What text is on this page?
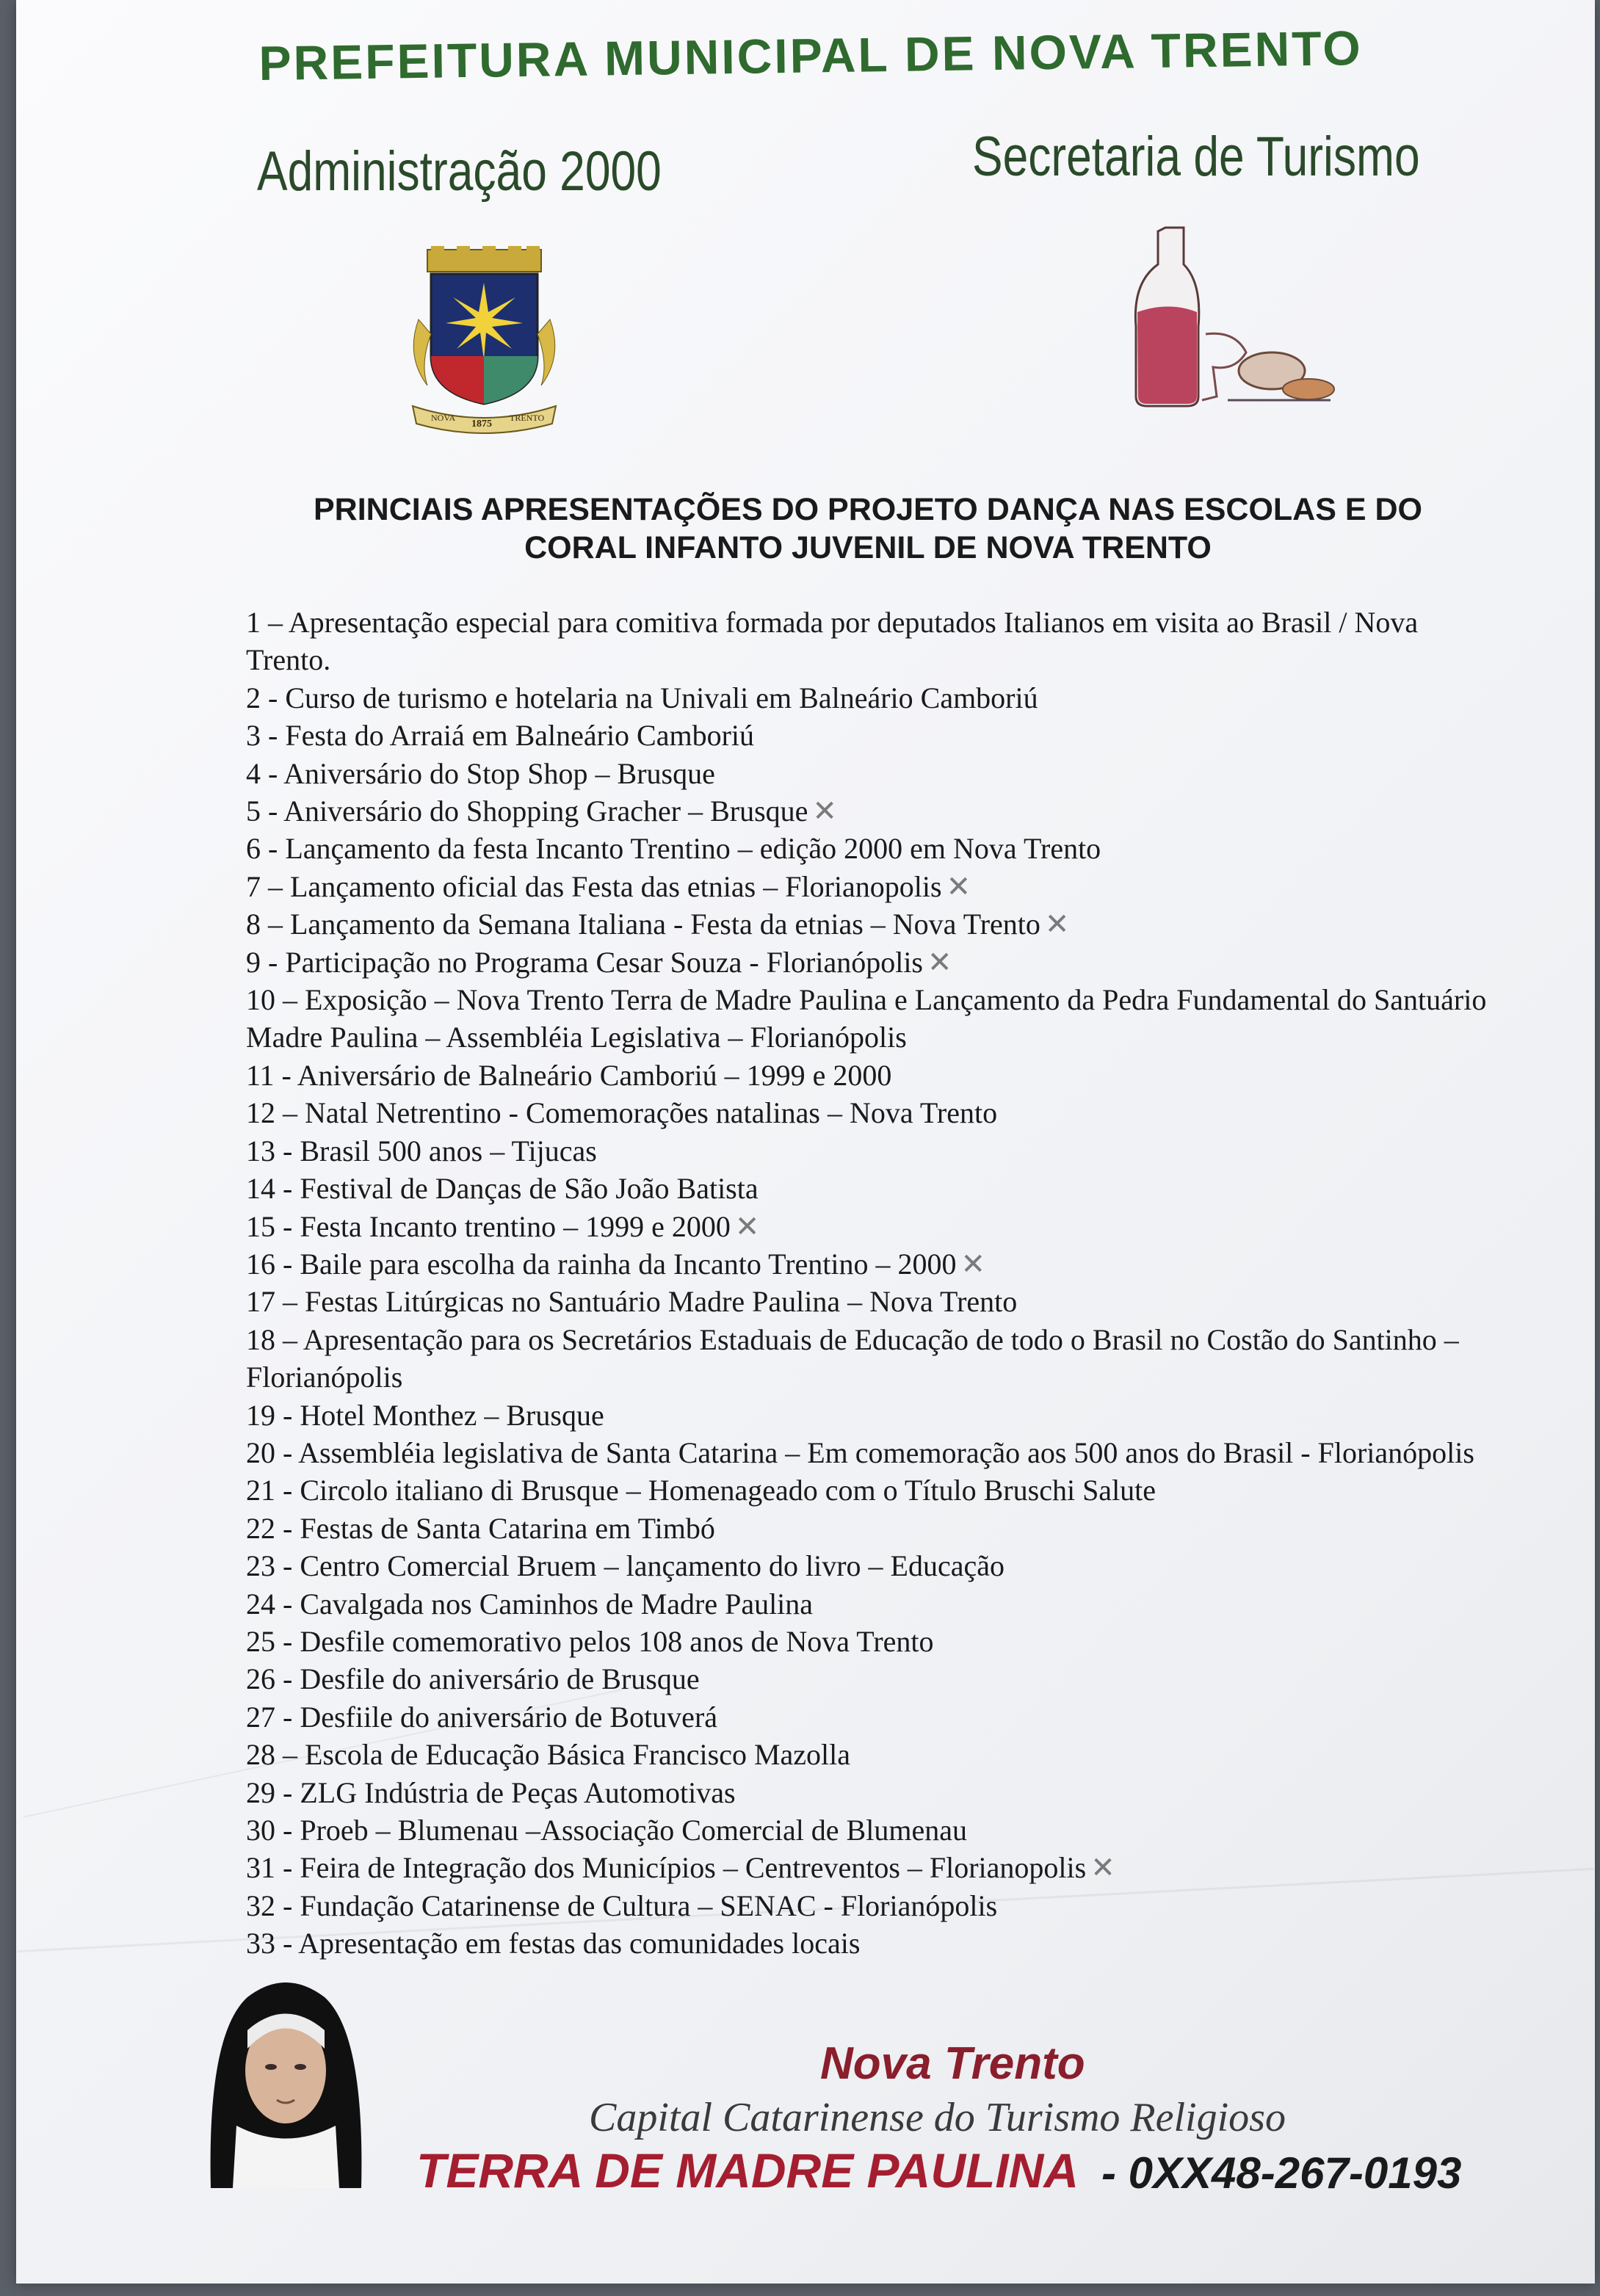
PREFEITURA MUNICIPAL DE NOVA TRENTO
Administração 2000	Secretaria de Turismo
NOVA
1875
TRENTO
PRINCIAIS APRESENTAÇÕES DO PROJETO DANÇA NAS ESCOLAS E DO
CORAL INFANTO JUVENIL DE NOVA TRENTO
1 – Apresentação especial para comitiva formada por deputados Italianos em visita ao Brasil / Nova Trento.
2 - Curso de turismo e hotelaria na Univali em Balneário Camboriú
3 - Festa do Arraiá em Balneário Camboriú
4 - Aniversário do Stop Shop – Brusque
5 - Aniversário do Shopping Gracher – Brusque ✕
6 - Lançamento da festa Incanto Trentino – edição 2000 em Nova Trento
7 – Lançamento oficial das Festa das etnias – Florianopolis ✕
8 – Lançamento da Semana Italiana - Festa da etnias – Nova Trento ✕
9 - Participação no Programa Cesar Souza - Florianópolis ✕
10 – Exposição – Nova Trento Terra de Madre Paulina e Lançamento da Pedra Fundamental do Santuário Madre Paulina – Assembléia Legislativa – Florianópolis
11 - Aniversário de Balneário Camboriú – 1999 e 2000
12 – Natal Netrentino - Comemorações natalinas – Nova Trento
13 - Brasil 500 anos – Tijucas
14 - Festival de Danças de São João Batista
15 - Festa Incanto trentino – 1999 e 2000 ✕
16 - Baile para escolha da rainha da Incanto Trentino – 2000 ✕
17 – Festas Litúrgicas no Santuário Madre Paulina – Nova Trento
18 – Apresentação para os Secretários Estaduais de Educação de todo o Brasil no Costão do Santinho – Florianópolis
19 - Hotel Monthez – Brusque
20 - Assembléia legislativa de Santa Catarina – Em comemoração aos 500 anos do Brasil - Florianópolis
21 - Circolo italiano di Brusque – Homenageado com o Título Bruschi Salute
22 - Festas de Santa Catarina em Timbó
23 - Centro Comercial Bruem – lançamento do livro – Educação
24 - Cavalgada nos Caminhos de Madre Paulina
25 - Desfile comemorativo pelos 108 anos de Nova Trento
26 - Desfile do aniversário de Brusque
27 - Desfiile do aniversário de Botuverá
28 – Escola de Educação Básica Francisco Mazolla
29 - ZLG Indústria de Peças Automotivas
30 - Proeb – Blumenau –Associação Comercial de Blumenau
31 - Feira de Integração dos Municípios – Centreventos – Florianopolis ✕
32 - Fundação Catarinense de Cultura – SENAC - Florianópolis
33 - Apresentação em festas das comunidades locais
Nova Trento
Capital Catarinense do Turismo Religioso
TERRA DE MADRE PAULINA - 0XX48-267-0193
